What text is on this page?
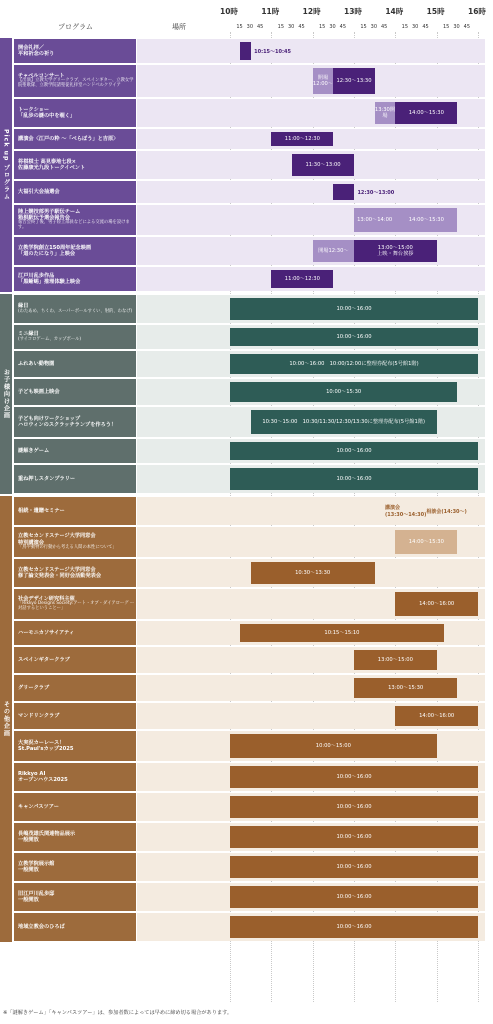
プログラム	場所
10時
15 30 45
11時
15 30 45
12時
15 30 45
13時
15 30 45
14時
15 30 45
15時
15 30 45
16時
開会礼拝／
平和祈念の祈り	10:15〜10:45
チャペルコンサート
【出演】立教大学グリークラブ、スペインギター、立教女学院聖歌隊、立教学院諸聖徒礼拝堂ハンドベルクワイア
開場12:00〜
12:30〜13:30
トークショー
「乱歩の謎の中を覗く」
13:30開場
14:00〜15:30
講演会〈江戸の粋 ～「べらぼう」と吉原〉	11:00〜12:30
将棋棋士 高見泰地七段×
佐藤康光九段トークイベント
11:30〜13:00
大福引大会抽選会	12:30〜13:00
陸上競技部男子駅伝チーム
箱根駅伝予選会報告会
報告会終了後、男子陸上部員などによる交流の場を設けます。
13:00〜14:00	14:00〜15:30
立教学院創立150周年記念映画
「道のたになり」上映会
開場12:30〜
13:00〜15:00
上映・舞台挨拶
江戸川乱歩作品
「黒蜥蜴」推理体験上映会
11:00〜12:30
Pick up プログラム
縁日
(わたあめ、ちくわ、スーパーボールすくい、射的、わなげ)	10:00〜16:00
ミニ縁日
(サイコロゲーム、カップボール)	10:00〜16:00
ふれあい動物園	10:00〜16:00　10:00/12:00に整理券配布(5号館1階)
子ども映画上映会	10:00〜15:30
子ども向けワークショップ
ハロウィンのスクラッチランプを作ろう！
10:30〜15:00　10:30/11:30/12:30/13:30に整理券配布(5号館1階)
謎解きゲーム	10:00〜16:00
重ね押しスタンプラリー	10:00〜16:00
お子様向け企画
相続・遺贈セミナー	講演会
(13:30〜14:30)
相談会(14:30〜)
立教セカンドステージ大学同窓会
特別講演会
「鳥や動物の行動から考える人間の本性について」
14:00〜15:30
立教セカンドステージ大学同窓会
修了論文発表会・同好会活動発表会
10:30〜13:30
社会デザイン研究科主催
「Rikkyo Designs Society:アート・オブ・ダイアローグ ー対話するということー」
14:00〜16:00
ハーモニカソサイアティ	10:15〜15:10
スペインギタークラブ	13:00〜15:00
グリークラブ	13:00〜15:30
マンドリンクラブ	14:00〜16:00
大実況カーレース！
St.Paul'sカップ2025
10:00〜15:00
Rikkyo AI
オープンハウス2025
10:00〜16:00
キャンパスツアー	10:00〜16:00
長嶋茂雄氏関連物品展示
一般開放
10:00〜16:00
立教学院展示館
一般開放
10:00〜16:00
旧江戸川乱歩邸
一般開放
10:00〜16:00
地域立教会のひろば	10:00〜16:00
その他企画
※「謎解きゲーム」「キャンパスツアー」は、参加者数によっては早めに締め切る場合があります。
